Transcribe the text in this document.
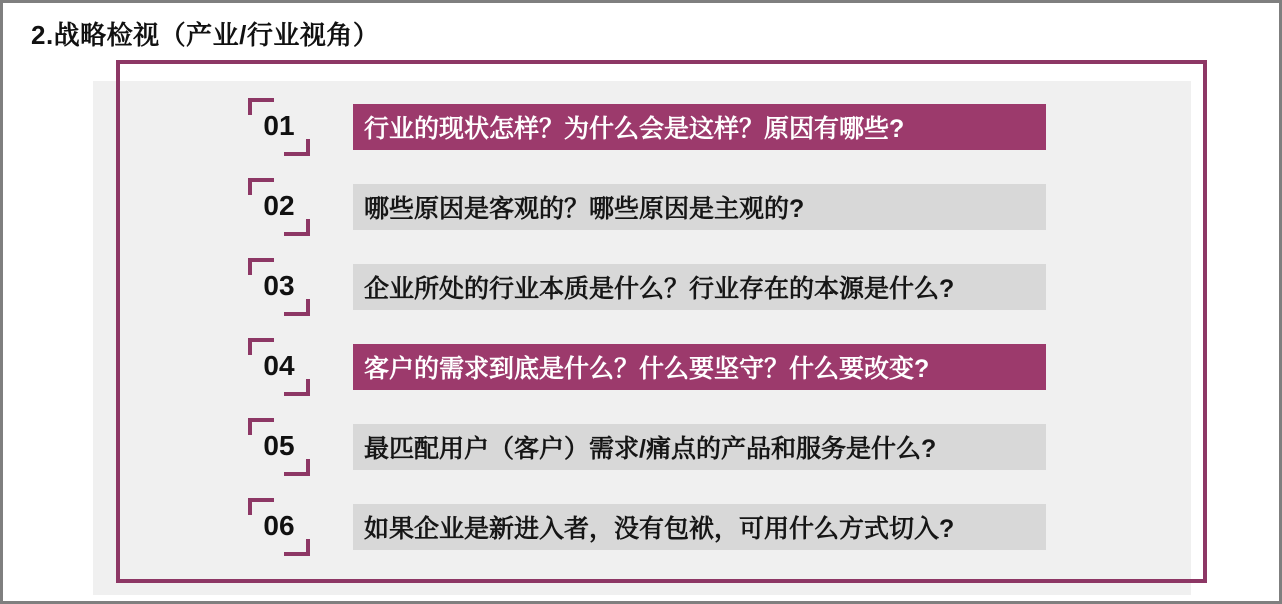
2.战略检视（产业/行业视角）
01	行业的现状怎样？为什么会是这样？原因有哪些?
02	哪些原因是客观的？哪些原因是主观的?
03	企业所处的行业本质是什么？行业存在的本源是什么?
04	客户的需求到底是什么？什么要坚守？什么要改变?
05	最匹配用户（客户）需求/痛点的产品和服务是什么?
06	如果企业是新进入者，没有包袱，可用什么方式切入?
